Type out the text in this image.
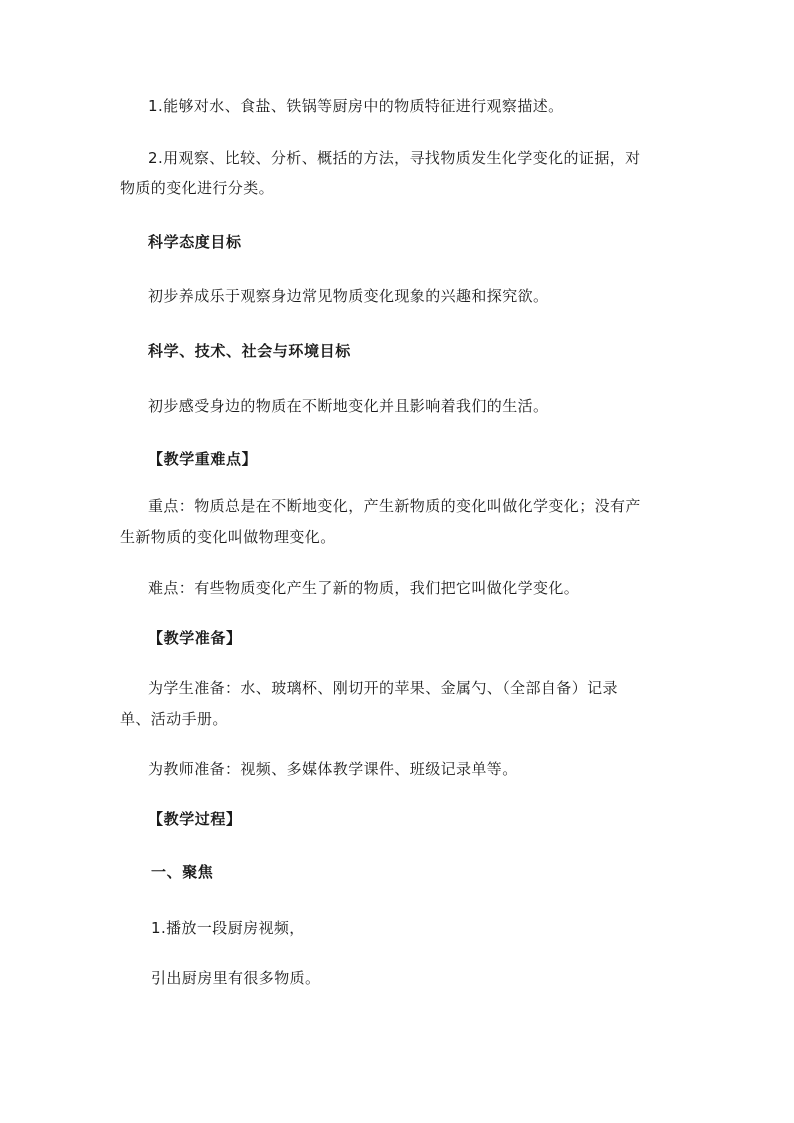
1.能够对水、食盐、铁锅等厨房中的物质特征进行观察描述。
2.用观察、比较、分析、概括的方法，寻找物质发生化学变化的证据，对
物质的变化进行分类。
科学态度目标
初步养成乐于观察身边常见物质变化现象的兴趣和探究欲。
科学、技术、社会与环境目标
初步感受身边的物质在不断地变化并且影响着我们的生活。
【教学重难点】
重点：物质总是在不断地变化，产生新物质的变化叫做化学变化；没有产
生新物质的变化叫做物理变化。
难点：有些物质变化产生了新的物质，我们把它叫做化学变化。
【教学准备】
为学生准备：水、玻璃杯、刚切开的苹果、金属勺、（全部自备）记录
单、活动手册。
为教师准备：视频、多媒体教学课件、班级记录单等。
【教学过程】
一、聚焦
1.播放一段厨房视频，
引出厨房里有很多物质。
